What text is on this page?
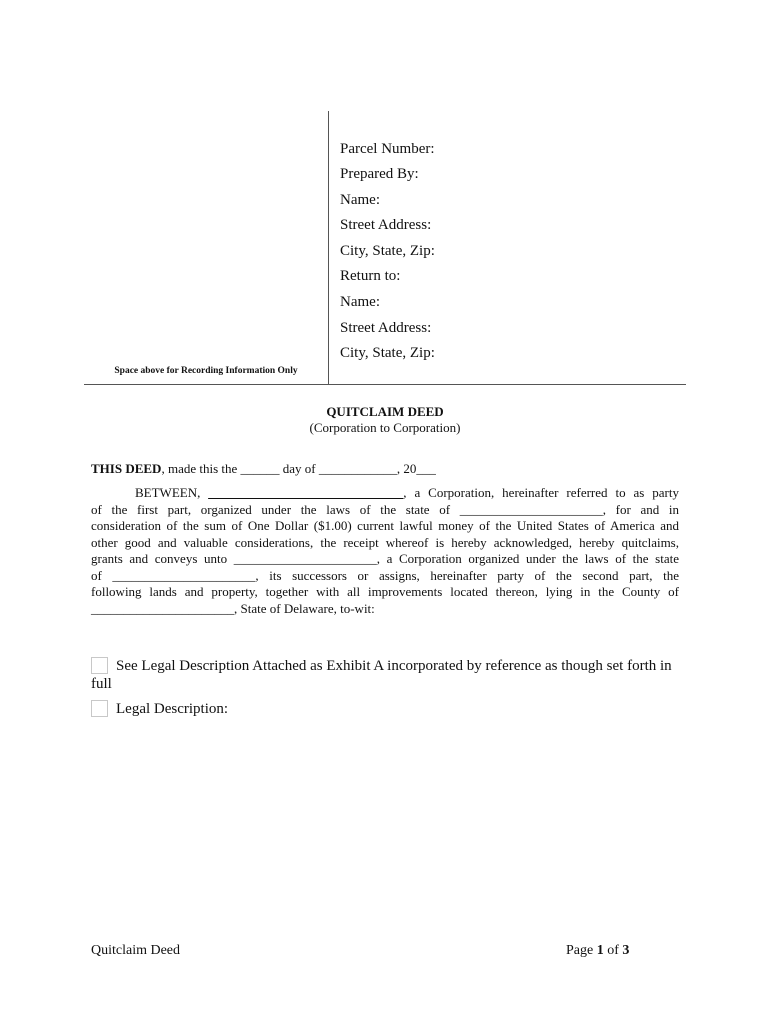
Parcel Number:
Prepared By:
Name:
Street Address:
City, State, Zip:
Return to:
Name:
Street Address:
City, State, Zip:
Space above for Recording Information Only
QUITCLAIM DEED
(Corporation to Corporation)
THIS DEED, made this the ______ day of ____________, 20___
BETWEEN, ______________________________, a Corporation, hereinafter referred to as party
of the first part, organized under the laws of the state of ______________________, for and in
consideration of the sum of One Dollar ($1.00) current lawful money of the United States of America and
other good and valuable considerations, the receipt whereof is hereby acknowledged, hereby quitclaims,
grants and conveys unto ______________________, a Corporation organized under the laws of the state
of ______________________, its successors or assigns, hereinafter party of the second part, the
following lands and property, together with all improvements located thereon, lying in the County of
______________________, State of Delaware, to-wit:
See Legal Description Attached as Exhibit A incorporated by reference as though set forth in
full
Legal Description:
Quitclaim Deed	Page 1 of 3
